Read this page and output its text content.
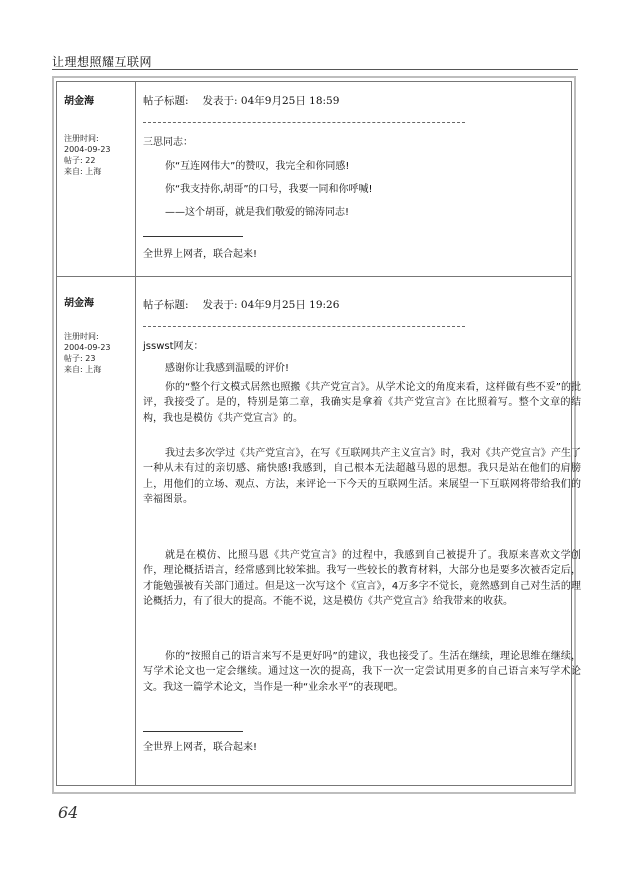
让理想照耀互联网
胡金海
注册时间:
2004-09-23
帖子: 22
来自: 上海
帖子标题: 发表于: 04年9月25日 18:59
三思同志：
你“互连网伟大”的赞叹，我完全和你同感!
你“我支持你,胡哥”的口号，我要一同和你呼喊!
——这个胡哥，就是我们敬爱的锦涛同志!
全世界上网者，联合起来!
胡金海
注册时间:
2004-09-23
帖子: 23
来自: 上海
帖子标题: 发表于: 04年9月25日 19:26
jsswst网友：
感谢你让我感到温暖的评价!
你的“整个行文模式居然也照搬《共产党宣言》。从学术论文的角度来看，这样做有些不妥”的批评，我接受了。是的，特别是第二章，我确实是拿着《共产党宣言》在比照着写。整个文章的结构，我也是模仿《共产党宣言》的。
我过去多次学过《共产党宣言》，在写《互联网共产主义宣言》时，我对《共产党宣言》产生了一种从未有过的亲切感、痛快感!我感到，自己根本无法超越马恩的思想。我只是站在他们的肩膀上，用他们的立场、观点、方法，来评论一下今天的互联网生活。来展望一下互联网将带给我们的幸福图景。
就是在模仿、比照马恩《共产党宣言》的过程中，我感到自己被提升了。我原来喜欢文学创作，理论概括语言，经常感到比较笨拙。我写一些较长的教育材料，大部分也是要多次被否定后，才能勉强被有关部门通过。但是这一次写这个《宣言》，4万多字不觉长，竟然感到自己对生活的理论概括力，有了很大的提高。不能不说，这是模仿《共产党宣言》给我带来的收获。
你的“按照自己的语言来写不是更好吗”的建议，我也接受了。生活在继续，理论思维在继续，写学术论文也一定会继续。通过这一次的提高，我下一次一定尝试用更多的自己语言来写学术论文。我这一篇学术论文，当作是一种“业余水平”的表现吧。
全世界上网者，联合起来!
64
